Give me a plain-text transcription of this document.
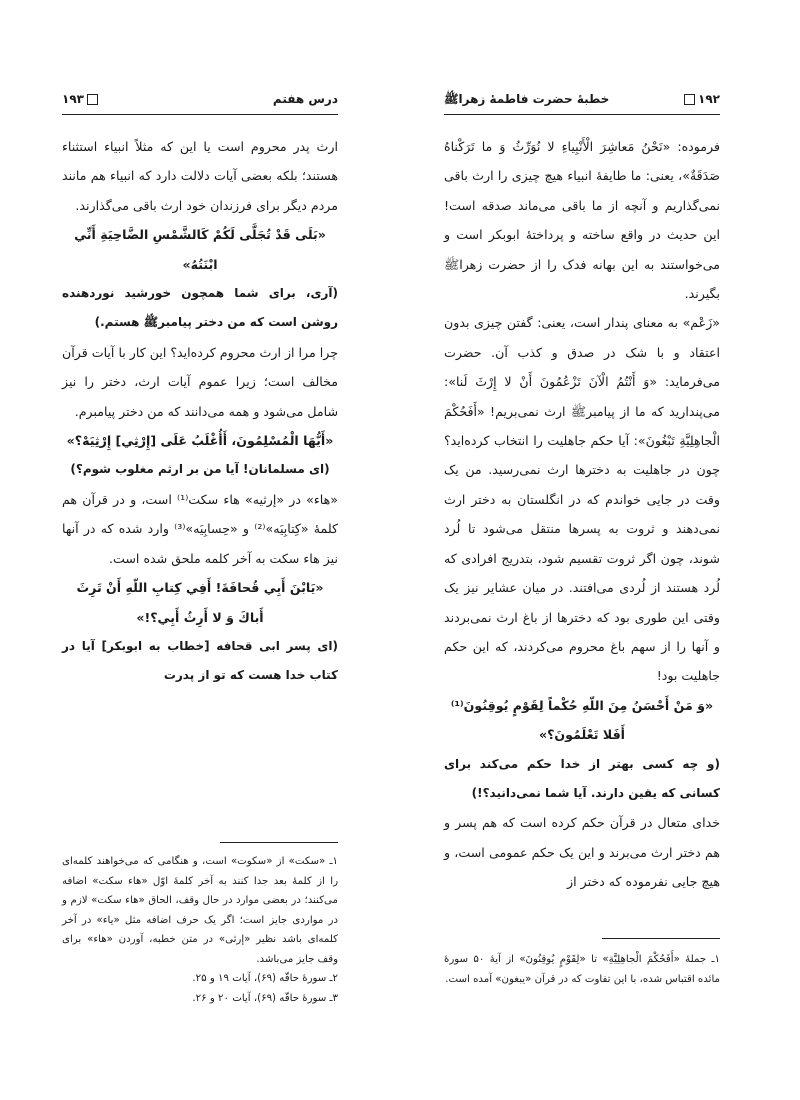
۱۹۳	درس هفتم

ارث پدر محروم است یا این که مثلاً انبیاء استثناء هستند؛ بلکه بعضی آیات دلالت دارد که انبیاء هم مانند مردم دیگر برای فرزندان خود ارث باقی می‌گذارند.

«بَلَى قَدْ تُجَلَّى لَكُمْ كَالشَّمْسِ الضَّاحِيَةِ أَنِّي ابْنَتُهُ»

(آری، برای شما همچون خورشید نوردهنده روشن است که من دختر پیامبرﷺ هستم.)

چرا مرا از ارث محروم کرده‌اید؟ این کار با آیات قرآن مخالف است؛ زیرا عموم آیات ارث، دختر را نیز شامل می‌شود و همه می‌دانند که من دختر پیامبرم.

«أَيُّهَا الْمُسْلِمُونَ، أَأُغْلَبُ عَلَى [إِرْثِي] إِرْثِيَهْ؟»

(ای مسلمانان! آیا من بر ارثم مغلوب شوم؟)

«هاء» در «إرثيه» هاء سكت⁽¹⁾ است، و در قرآن هم كلمهٔ «كِتابِيَه»⁽²⁾ و «حِسابِيَه»⁽³⁾ وارد شده كه در آنها نيز هاء سكت به آخر كلمه ملحق شده است.

«يَابْنَ أَبِي قُحافَةَ! أَفِي كِتابِ اللّهِ أَنْ تَرِثَ أَباكَ وَ لا أَرِثُ أَبِي؟!»

(ای پسر ابی قحافه [خطاب به ابوبکر] آیا در کتاب خدا هست که تو از پدرت

۱ـ «سکت» از «سکوت» است، و هنگامی که می‌خواهند کلمه‌ای را از کلمهٔ بعد جدا کنند به آخر کلمهٔ اوّل «هاء سکت» اضافه می‌کنند؛ در بعضی موارد در حال وقف، الحاق «هاء سکت» لازم و در مواردی جایز است؛ اگر یک حرف اضافه مثل «یاء» در آخر کلمه‌ای باشد نظیر «إرثی» در متن خطبه، آوردن «هاء» برای وقف جایز می‌باشد.

۲ـ سورهٔ حاقّه (۶۹)، آیات ۱۹ و ۲۵.

۳ـ سورهٔ حاقّه (۶۹)، آیات ۲۰ و ۲۶.

۱۹۲
خطبهٔ حضرت فاطمهٔ زهراﷺ

فرموده: «نَحْنُ مَعاشِرَ الْأَنْبِياءِ لا نُوَرِّثُ وَ ما تَرَكْناهُ صَدَقَةٌ»، یعنی: ما طایفهٔ انبیاء هیچ چیزی را ارث باقی نمی‌گذاریم و آنچه از ما باقی می‌ماند صدقه است! این حدیث در واقع ساخته و پرداختهٔ ابوبکر است و می‌خواستند به این بهانه فدک را از حضرت زهراﷺ بگیرند.

«زَعْم» به معنای پندار است، یعنی: گفتن چیزی بدون اعتقاد و با شک در صدق و کذب آن. حضرت می‌فرماید: «وَ أَنْتُمُ الْآنَ تَزْعُمُونَ أَنْ لا إِرْثَ لَنا»: می‌پندارید که ما از پیامبرﷺ ارث نمی‌بریم! «أَفَحُكْمَ الْجاهِلِيَّةِ تَبْغُونَ»: آیا حکم جاهلیت را انتخاب کرده‌اید؟ چون در جاهلیت به دخترها ارث نمی‌رسید. من یک وقت در جایی خواندم که در انگلستان به دختر ارث نمی‌دهند و ثروت به پسرها منتقل می‌شود تا لُرد شوند، چون اگر ثروت تقسیم شود، بتدریج افرادی که لُرد هستند از لُردی می‌افتند. در میان عشایر نیز یک وقتی این طوری بود که دخترها از باغ ارث نمی‌بردند و آنها را از سهم باغ محروم می‌کردند، که این حکم جاهلیت بود!

«وَ مَنْ أَحْسَنُ مِنَ اللّهِ حُكْماً لِقَوْمٍ يُوقِنُونَ⁽¹⁾ أَفَلا تَعْلَمُونَ؟»

(و چه کسی بهتر از خدا حکم می‌کند برای کسانی که یقین دارند. آیا شما نمی‌دانید؟!)

خدای متعال در قرآن حکم کرده است که هم پسر و هم دختر ارث می‌برند و این یک حکم عمومی است، و هیچ جایی نفرموده که دختر از

۱ـ جملهٔ «أَفَحُكْمَ الْجاهِلِيَّةِ» تا «لِقَوْمٍ يُوقِنُونَ» از آیهٔ ۵۰ سورهٔ مائده اقتباس شده، با این تفاوت که در قرآن «یبغون» آمده است.
